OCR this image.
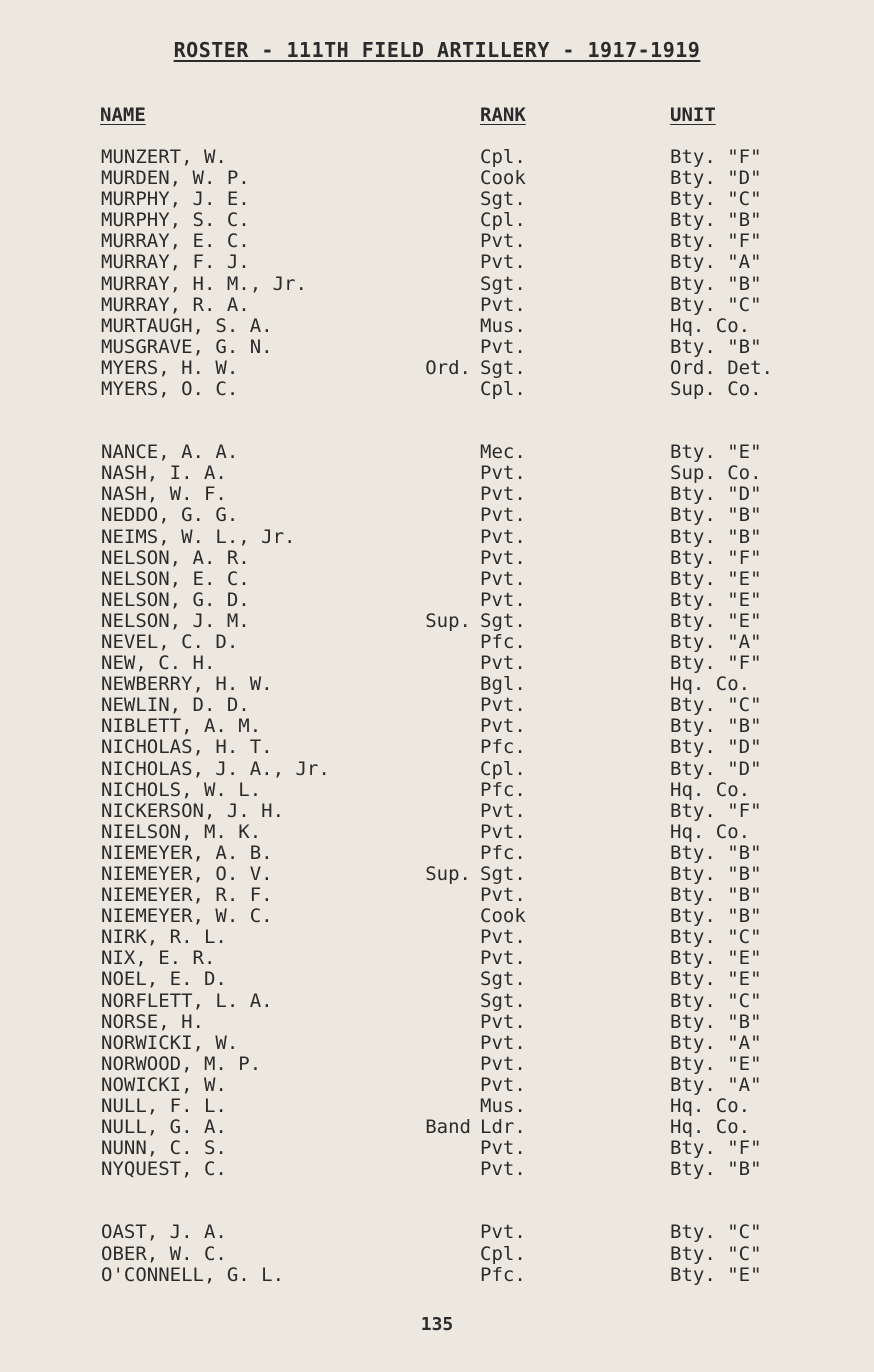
ROSTER - 111TH FIELD ARTILLERY - 1917-1919
NAME	RANK	UNIT
MUNZERT, W.	Cpl.	Bty. "F"
MURDEN, W. P.	Cook	Bty. "D"
MURPHY, J. E.	Sgt.	Bty. "C"
MURPHY, S. C.	Cpl.	Bty. "B"
MURRAY, E. C.	Pvt.	Bty. "F"
MURRAY, F. J.	Pvt.	Bty. "A"
MURRAY, H. M., Jr.	Sgt.	Bty. "B"
MURRAY, R. A.	Pvt.	Bty. "C"
MURTAUGH, S. A.	Mus.	Hq. Co.
MUSGRAVE, G. N.	Pvt.	Bty. "B"
MYERS, H. W.	Ord. Sgt.	Ord. Det.
MYERS, O. C.	Cpl.	Sup. Co.
NANCE, A. A.	Mec.	Bty. "E"
NASH, I. A.	Pvt.	Sup. Co.
NASH, W. F.	Pvt.	Bty. "D"
NEDDO, G. G.	Pvt.	Bty. "B"
NEIMS, W. L., Jr.	Pvt.	Bty. "B"
NELSON, A. R.	Pvt.	Bty. "F"
NELSON, E. C.	Pvt.	Bty. "E"
NELSON, G. D.	Pvt.	Bty. "E"
NELSON, J. M.	Sup. Sgt.	Bty. "E"
NEVEL, C. D.	Pfc.	Bty. "A"
NEW, C. H.	Pvt.	Bty. "F"
NEWBERRY, H. W.	Bgl.	Hq. Co.
NEWLIN, D. D.	Pvt.	Bty. "C"
NIBLETT, A. M.	Pvt.	Bty. "B"
NICHOLAS, H. T.	Pfc.	Bty. "D"
NICHOLAS, J. A., Jr.	Cpl.	Bty. "D"
NICHOLS, W. L.	Pfc.	Hq. Co.
NICKERSON, J. H.	Pvt.	Bty. "F"
NIELSON, M. K.	Pvt.	Hq. Co.
NIEMEYER, A. B.	Pfc.	Bty. "B"
NIEMEYER, O. V.	Sup. Sgt.	Bty. "B"
NIEMEYER, R. F.	Pvt.	Bty. "B"
NIEMEYER, W. C.	Cook	Bty. "B"
NIRK, R. L.	Pvt.	Bty. "C"
NIX, E. R.	Pvt.	Bty. "E"
NOEL, E. D.	Sgt.	Bty. "E"
NORFLETT, L. A.	Sgt.	Bty. "C"
NORSE, H.	Pvt.	Bty. "B"
NORWICKI, W.	Pvt.	Bty. "A"
NORWOOD, M. P.	Pvt.	Bty. "E"
NOWICKI, W.	Pvt.	Bty. "A"
NULL, F. L.	Mus.	Hq. Co.
NULL, G. A.	Band Ldr.	Hq. Co.
NUNN, C. S.	Pvt.	Bty. "F"
NYQUEST, C.	Pvt.	Bty. "B"
OAST, J. A.	Pvt.	Bty. "C"
OBER, W. C.	Cpl.	Bty. "C"
O'CONNELL, G. L.	Pfc.	Bty. "E"
135
